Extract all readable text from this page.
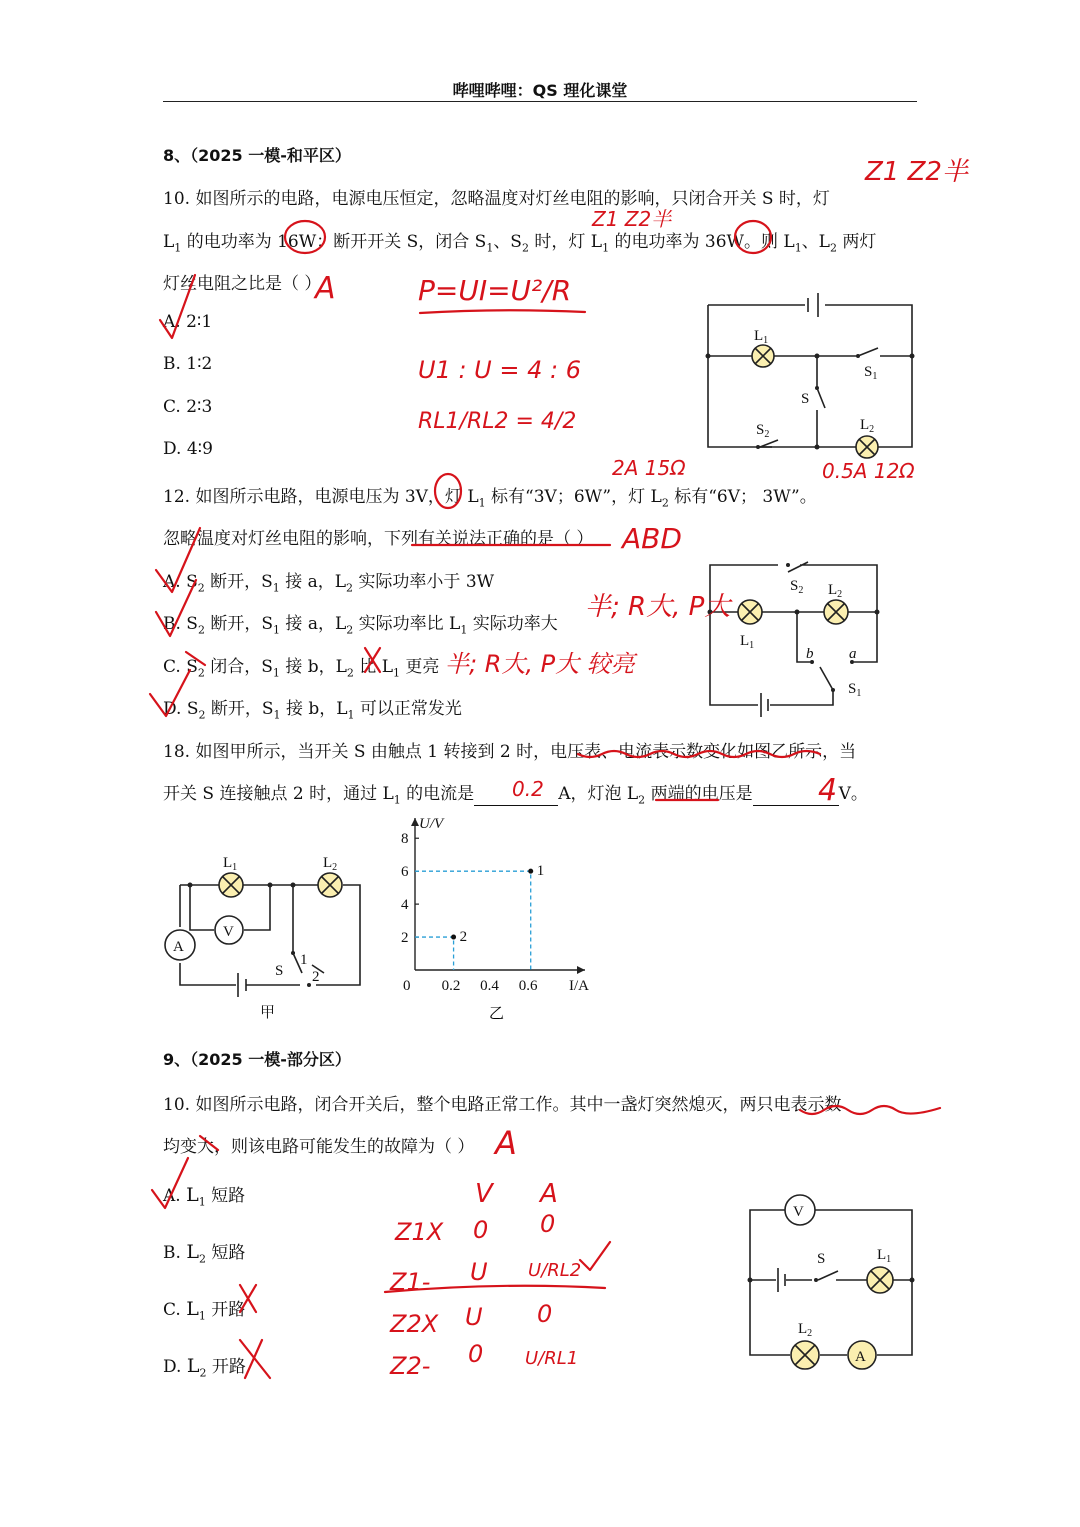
哔哩哔哩：QS 理化课堂
8、（2025 一模-和平区）
10. 如图所示的电路，电源电压恒定，忽略温度对灯丝电阻的影响，只闭合开关 S 时，灯
$L_1$ 的电功率为 16W；断开开关 S，闭合 $S_1$、$S_2$ 时，灯 $L_1$ 的电功率为 36W。则 $L_1$、$L_2$ 两灯
灯丝电阻之比是（ ）
A. 2∶1
B. 1∶2
C. 2∶3
D. 4∶9
12. 如图所示电路，电源电压为 3V，灯 $L_1$ 标有“3V；6W”，灯 $L_2$ 标有“6V； 3W”。
忽略温度对灯丝电阻的影响，下列有关说法正确的是（ ）
A. $S_2$ 断开，$S_1$ 接 a，$L_2$ 实际功率小于 3W
B. $S_2$ 断开，$S_1$ 接 a，$L_2$ 实际功率比 $L_1$ 实际功率大
C. $S_2$ 闭合，$S_1$ 接 b，$L_2$ 比 $L_1$ 更亮
D. $S_2$ 断开，$S_1$ 接 b，$L_1$ 可以正常发光
18. 如图甲所示，当开关 S 由触点 1 转接到 2 时，电压表、电流表示数变化如图乙所示，当
开关 S 连接触点 2 时，通过 $L_1$ 的电流是	A，灯泡 $L_2$ 两端的电压是	V。
9、（2025 一模-部分区）
10. 如图所示电路，闭合开关后，整个电路正常工作。其中一盏灯突然熄灭，两只电表示数
均变大，则该电路可能发生的故障为（ ）
A. $L_1$ 短路
B. $L_2$ 短路
C. $L_1$ 开路
D. $L_2$ 开路
$L_1$
$S_1$
S
$S_2$
$L_2$
$S_2$ $L_2$
$L_1$
b a
$S_1$
A
$L_1$	$L_2$
V
S
1
2
甲
U/V
I/A
0 0.2 0.4 0.6
2
4
6
8
1
2
乙
V
S	$L_1$
$L_2$
A
Z1 Z2半
Z1 Z2半
A	P=UI=U²/R
U1 : U = 4 : 6
RL1/RL2 = 4/2
2A 15Ω	0.5A 12Ω
ABD
半; R大, P大
半; R大, P大 较亮
0.2	4
A
V A
Z1X 0 0
Z1- U U/RL2
Z2X U 0
Z2- 0 U/RL1
